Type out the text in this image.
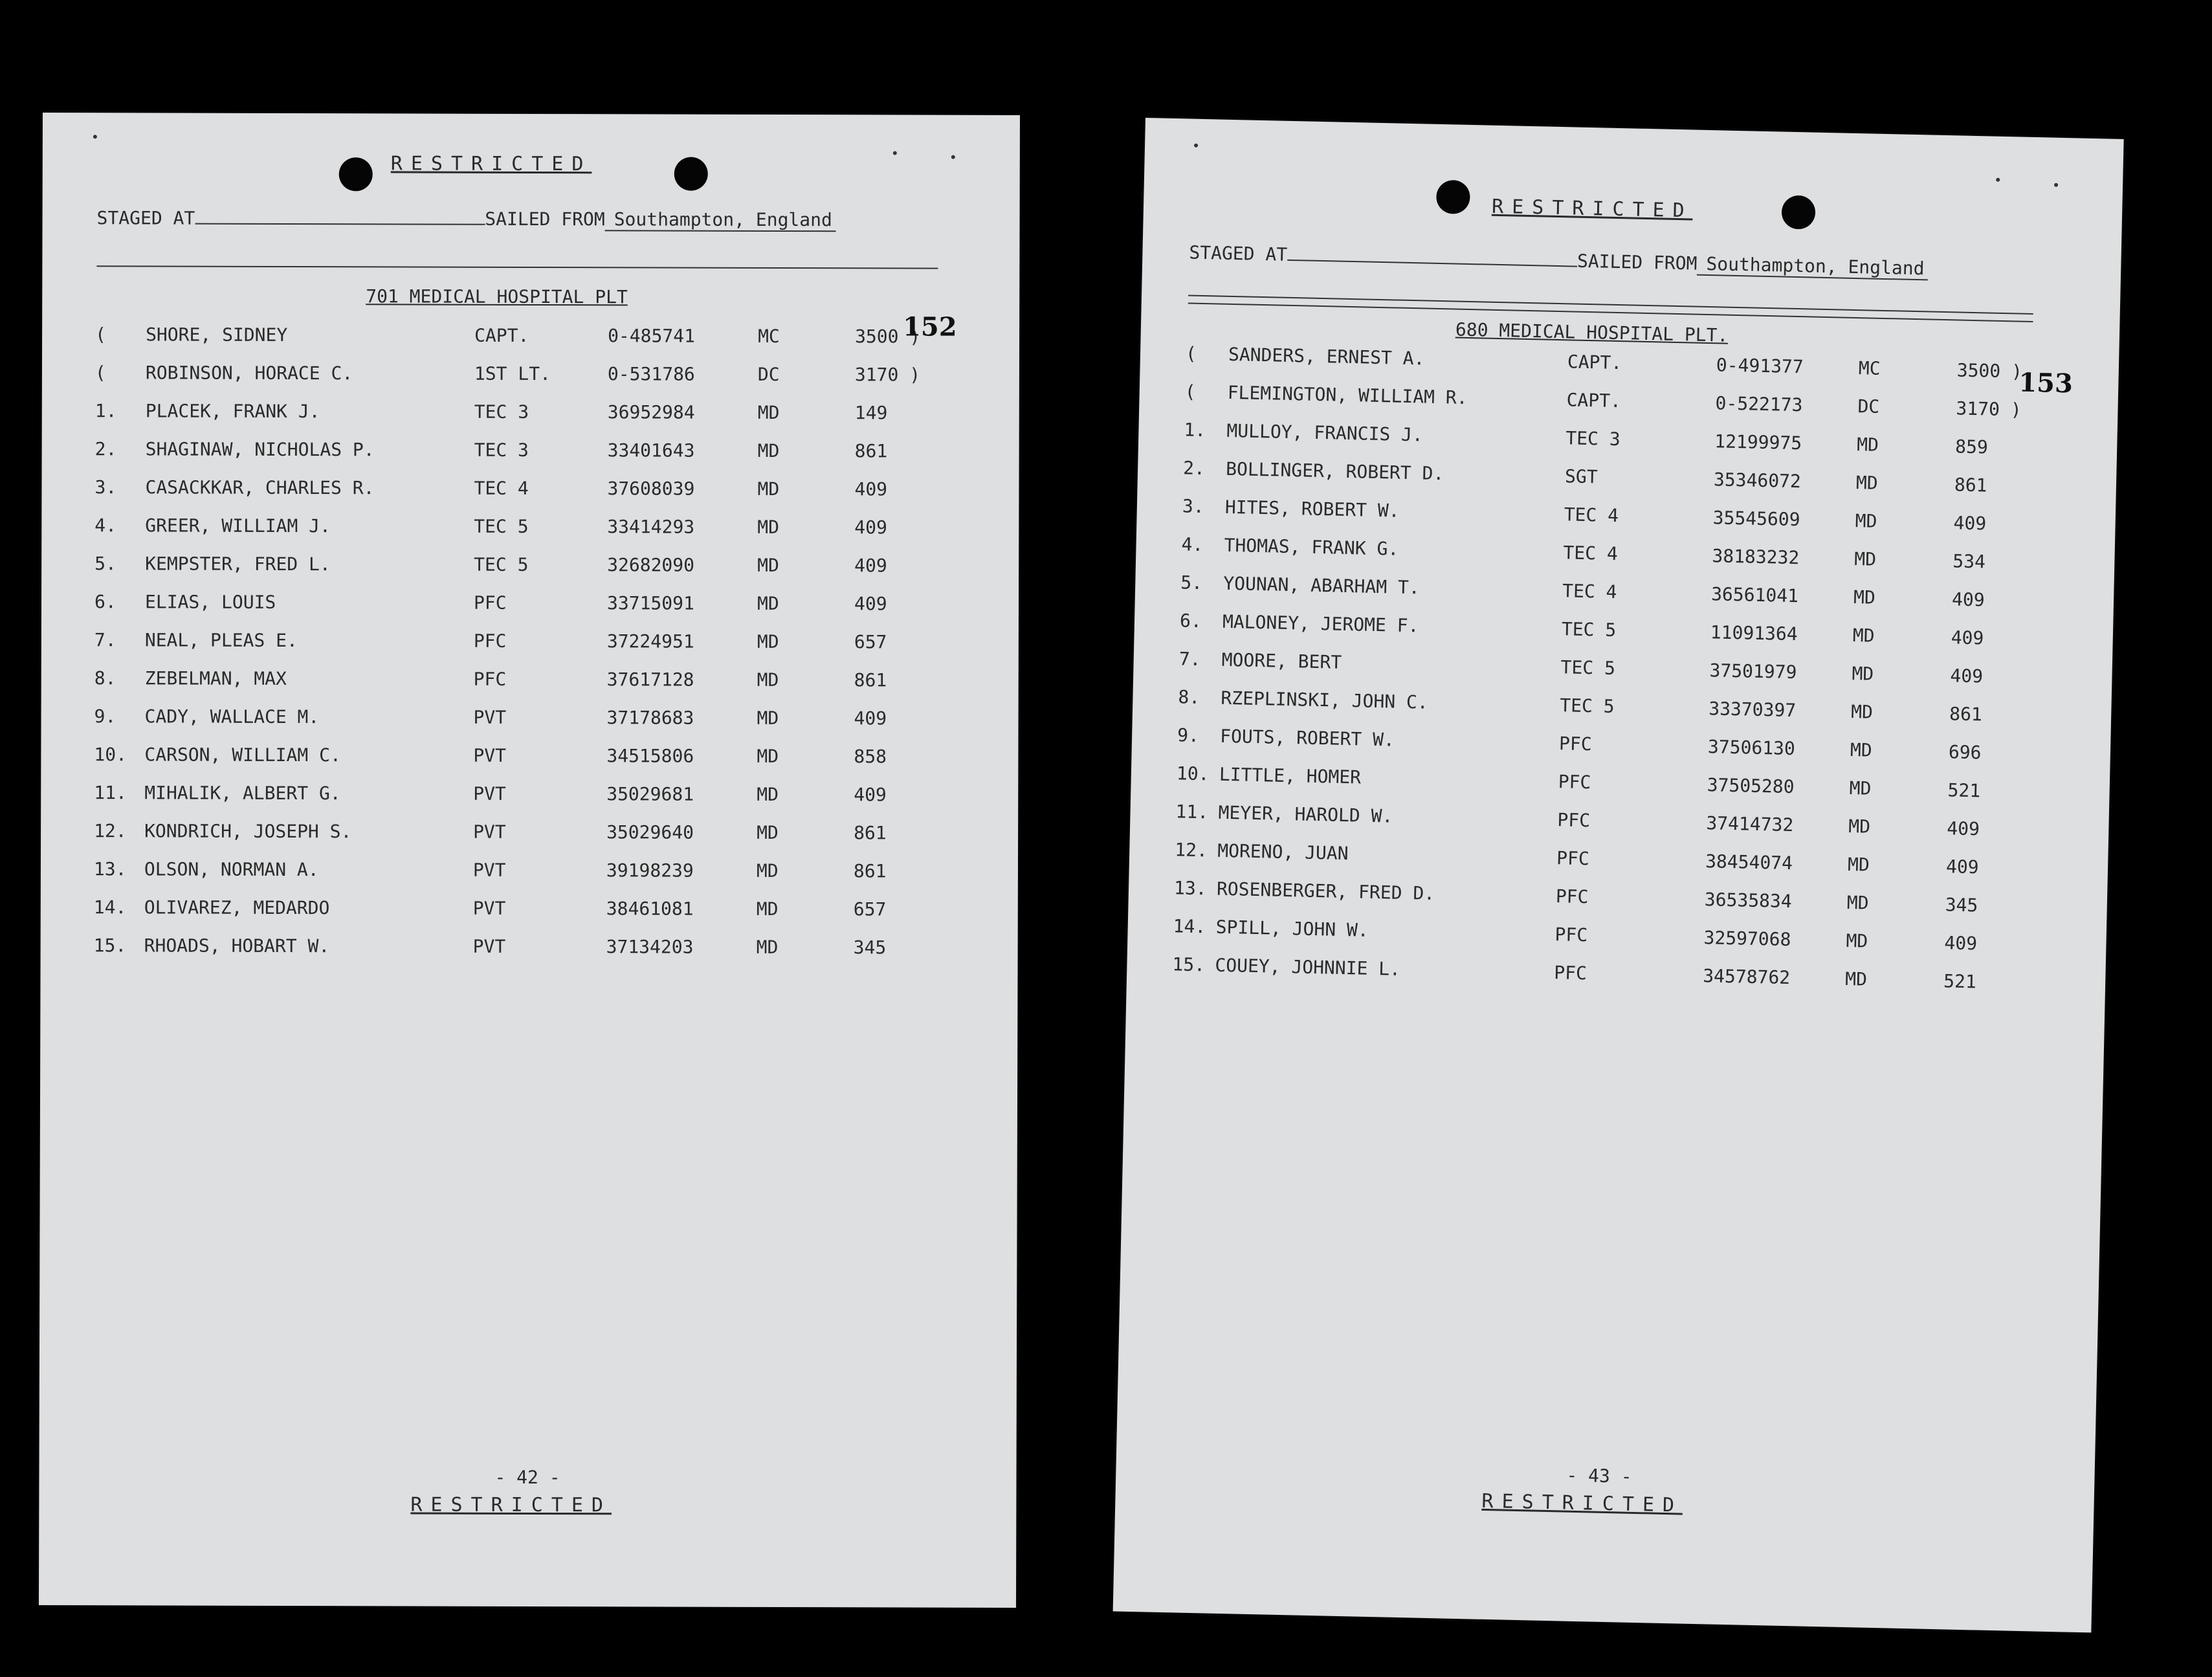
RESTRICTED
STAGED AT	SAILED FROM Southampton, England
701 MEDICAL HOSPITAL PLT
( SHORE, SIDNEY	CAPT.	0-485741	MC	3500 )
( ROBINSON, HORACE C.	1ST LT.	0-531786	DC	3170 )
1. PLACEK, FRANK J.	TEC 3	36952984	MD	149
2. SHAGINAW, NICHOLAS P.	TEC 3	33401643	MD	861
3. CASACKKAR, CHARLES R.	TEC 4	37608039	MD	409
4. GREER, WILLIAM J.	TEC 5	33414293	MD	409
5. KEMPSTER, FRED L.	TEC 5	32682090	MD	409
6. ELIAS, LOUIS	PFC	33715091	MD	409
7. NEAL, PLEAS E.	PFC	37224951	MD	657
8. ZEBELMAN, MAX	PFC	37617128	MD	861
9. CADY, WALLACE M.	PVT	37178683	MD	409
10. CARSON, WILLIAM C.	PVT	34515806	MD	858
11. MIHALIK, ALBERT G.	PVT	35029681	MD	409
12. KONDRICH, JOSEPH S.	PVT	35029640	MD	861
13. OLSON, NORMAN A.	PVT	39198239	MD	861
14. OLIVAREZ, MEDARDO	PVT	38461081	MD	657
15. RHOADS, HOBART W.	PVT	37134203	MD	345
152
- 42 -
RESTRICTED
RESTRICTED
STAGED AT	SAILED FROM Southampton, England
680 MEDICAL HOSPITAL PLT.
( SANDERS, ERNEST A.	CAPT.	0-491377	MC	3500 )
( FLEMINGTON, WILLIAM R.	CAPT.	0-522173	DC	3170 )
1. MULLOY, FRANCIS J.	TEC 3	12199975	MD	859
2. BOLLINGER, ROBERT D.	SGT	35346072	MD	861
3. HITES, ROBERT W.	TEC 4	35545609	MD	409
4. THOMAS, FRANK G.	TEC 4	38183232	MD	534
5. YOUNAN, ABARHAM T.	TEC 4	36561041	MD	409
6. MALONEY, JEROME F.	TEC 5	11091364	MD	409
7. MOORE, BERT	TEC 5	37501979	MD	409
8. RZEPLINSKI, JOHN C.	TEC 5	33370397	MD	861
9. FOUTS, ROBERT W.	PFC	37506130	MD	696
10. LITTLE, HOMER	PFC	37505280	MD	521
11. MEYER, HAROLD W.	PFC	37414732	MD	409
12. MORENO, JUAN	PFC	38454074	MD	409
13. ROSENBERGER, FRED D.	PFC	36535834	MD	345
14. SPILL, JOHN W.	PFC	32597068	MD	409
15. COUEY, JOHNNIE L.	PFC	34578762	MD	521
153
- 43 -
RESTRICTED
